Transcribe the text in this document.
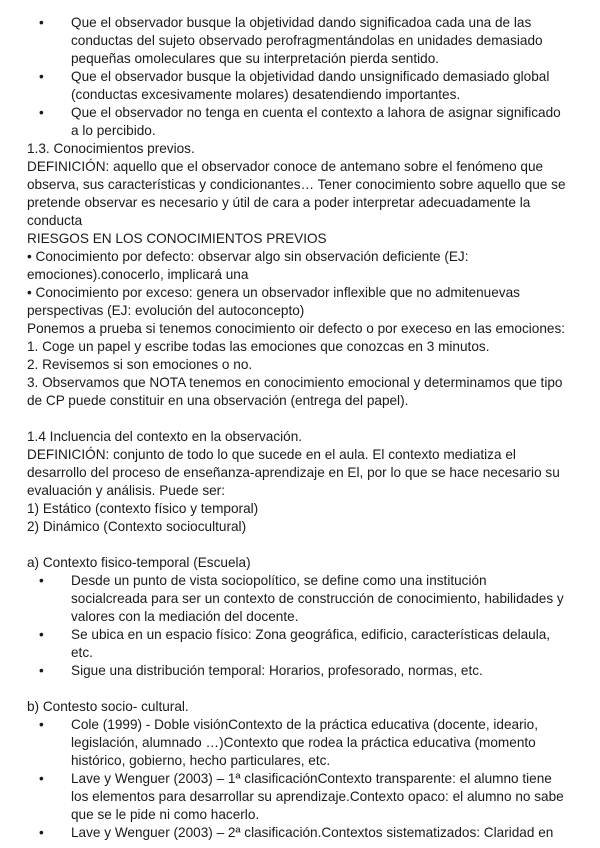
• Que el observador busque la objetividad dando significadoa cada una de las conductas del sujeto observado perofragmentándolas en unidades demasiado pequeñas omoleculares que su interpretación pierda sentido.

• Que el observador busque la objetividad dando unsignificado demasiado global (conductas excesivamente molares) desatendiendo importantes.

• Que el observador no tenga en cuenta el contexto a lahora de asignar significado a lo percibido.

1.3. Conocimientos previos.

DEFINICIÓN: aquello que el observador conoce de antemano sobre el fenómeno que observa, sus características y condicionantes… Tener conocimiento sobre aquello que se pretende observar es necesario y útil de cara a poder interpretar adecuadamente la conducta

RIESGOS EN LOS CONOCIMIENTOS PREVIOS

• Conocimiento por defecto: observar algo sin observación deficiente (EJ: emociones).conocerlo, implicará una

• Conocimiento por exceso: genera un observador inflexible que no admitenuevas perspectivas (EJ: evolución del autoconcepto)

Ponemos a prueba si tenemos conocimiento oir defecto o por execeso en las emociones:

1. Coge un papel y escribe todas las emociones que conozcas en 3 minutos.

2. Revisemos si son emociones o no.

3. Observamos que NOTA tenemos en conocimiento emocional y determinamos que tipo de CP puede constituir en una observación (entrega del papel).

1.4 Incluencia del contexto en la observación.

DEFINICIÓN: conjunto de todo lo que sucede en el aula. El contexto mediatiza el desarrollo del proceso de enseñanza-aprendizaje en El, por lo que se hace necesario su evaluación y análisis. Puede ser:

1) Estático (contexto físico y temporal)

2) Dinámico (Contexto sociocultural)

a) Contexto fisico-temporal (Escuela)

• Desde un punto de vista sociopolítico, se define como una institución socialcreada para ser un contexto de construcción de conocimiento, habilidades y valores con la mediación del docente.

• Se ubica en un espacio físico: Zona geográfica, edificio, características delaula, etc.

• Sigue una distribución temporal: Horarios, profesorado, normas, etc.

b) Contesto socio- cultural.

• Cole (1999) - Doble visiónContexto de la práctica educativa (docente, ideario, legislación, alumnado …)Contexto que rodea la práctica educativa (momento histórico, gobierno, hecho particulares, etc.

• Lave y Wenguer (2003) – 1ª clasificaciónContexto transparente: el alumno tiene los elementos para desarrollar su aprendizaje.Contexto opaco: el alumno no sabe que se le pide ni como hacerlo.

• Lave y Wenguer (2003) – 2ª clasificación.Contextos sistematizados: Claridad en
